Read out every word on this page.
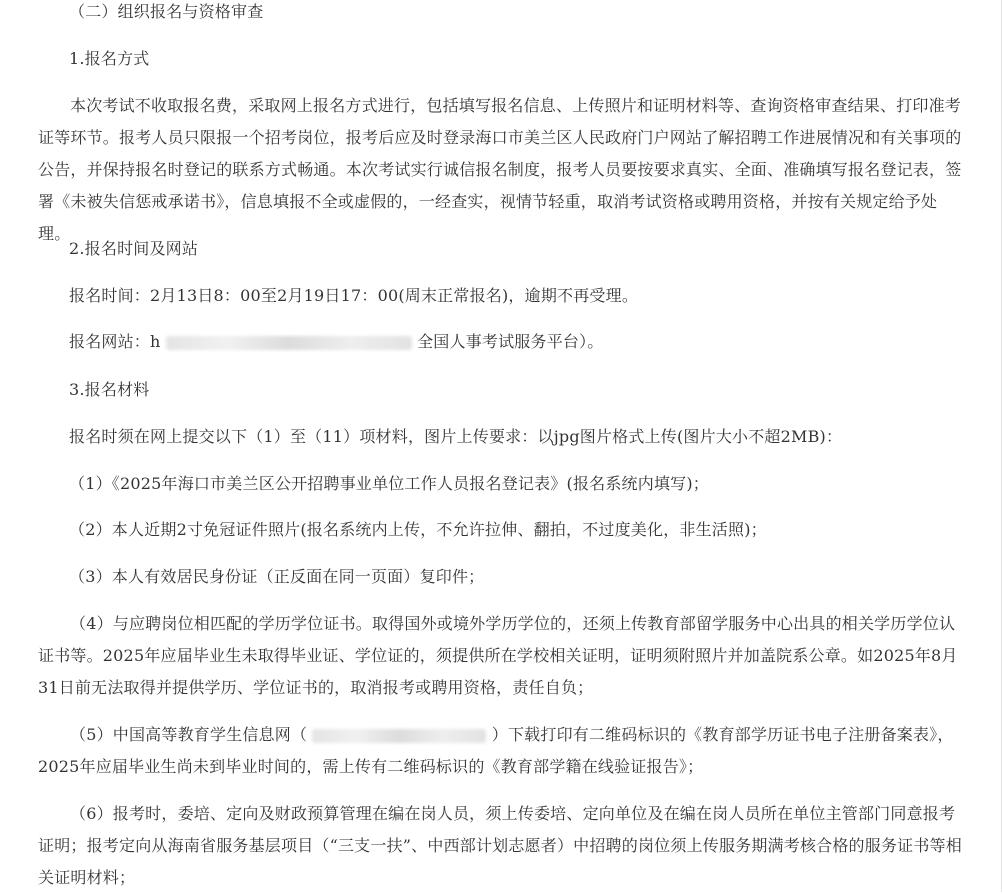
（二）组织报名与资格审查

1.报名方式

本次考试不收取报名费，采取网上报名方式进行，包括填写报名信息、上传照片和证明材料等、查询资格审查结果、打印准考证等环节。报考人员只限报一个招考岗位，报考后应及时登录海口市美兰区人民政府门户网站了解招聘工作进展情况和有关事项的公告，并保持报名时登记的联系方式畅通。本次考试实行诚信报名制度，报考人员要按要求真实、全面、准确填写报名登记表，签署《未被失信惩戒承诺书》，信息填报不全或虚假的，一经查实，视情节轻重，取消考试资格或聘用资格，并按有关规定给予处理。

2.报名时间及网站

报名时间：2月13日8：00至2月19日17：00(周末正常报名)，逾期不再受理。

报名网站：h	全国人事考试服务平台）。

3.报名材料

报名时须在网上提交以下（1）至（11）项材料，图片上传要求：以jpg图片格式上传(图片大小不超2MB)：

（1）《2025年海口市美兰区公开招聘事业单位工作人员报名登记表》(报名系统内填写)；

（2）本人近期2寸免冠证件照片(报名系统内上传，不允许拉伸、翻拍，不过度美化，非生活照)；

（3）本人有效居民身份证（正反面在同一页面）复印件；

（4）与应聘岗位相匹配的学历学位证书。取得国外或境外学历学位的，还须上传教育部留学服务中心出具的相关学历学位认证书等。2025年应届毕业生未取得毕业证、学位证的，须提供所在学校相关证明，证明须附照片并加盖院系公章。如2025年8月31日前无法取得并提供学历、学位证书的，取消报考或聘用资格，责任自负；

（5）中国高等教育学生信息网（	）下载打印有二维码标识的《教育部学历证书电子注册备案表》，2025年应届毕业生尚未到毕业时间的，需上传有二维码标识的《教育部学籍在线验证报告》；

（6）报考时，委培、定向及财政预算管理在编在岗人员，须上传委培、定向单位及在编在岗人员所在单位主管部门同意报考证明；报考定向从海南省服务基层项目（“三支一扶”、中西部计划志愿者）中招聘的岗位须上传服务期满考核合格的服务证书等相关证明材料；
